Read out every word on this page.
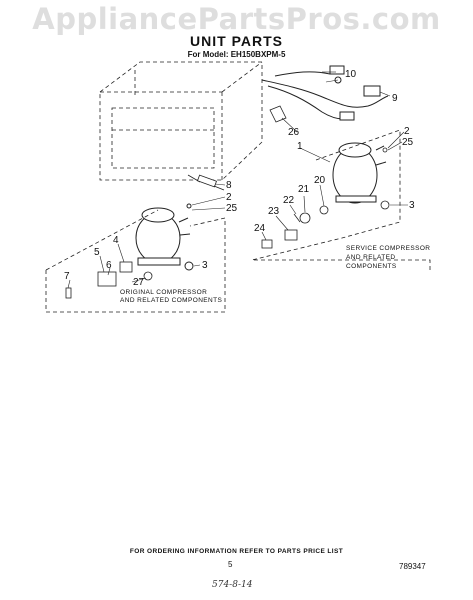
AppliancePartsPros.com
UNIT PARTS
For Model: EH150BXPM-5
10
9
26
1
2
25
20
21
22
23
24
3
8
2
25
3
4
5
6
7
27
SERVICE COMPRESSOR
AND RELATED
COMPONENTS
ORIGINAL COMPRESSOR
AND RELATED COMPONENTS
FOR ORDERING INFORMATION REFER TO PARTS PRICE LIST
5	789347
574-8-14
